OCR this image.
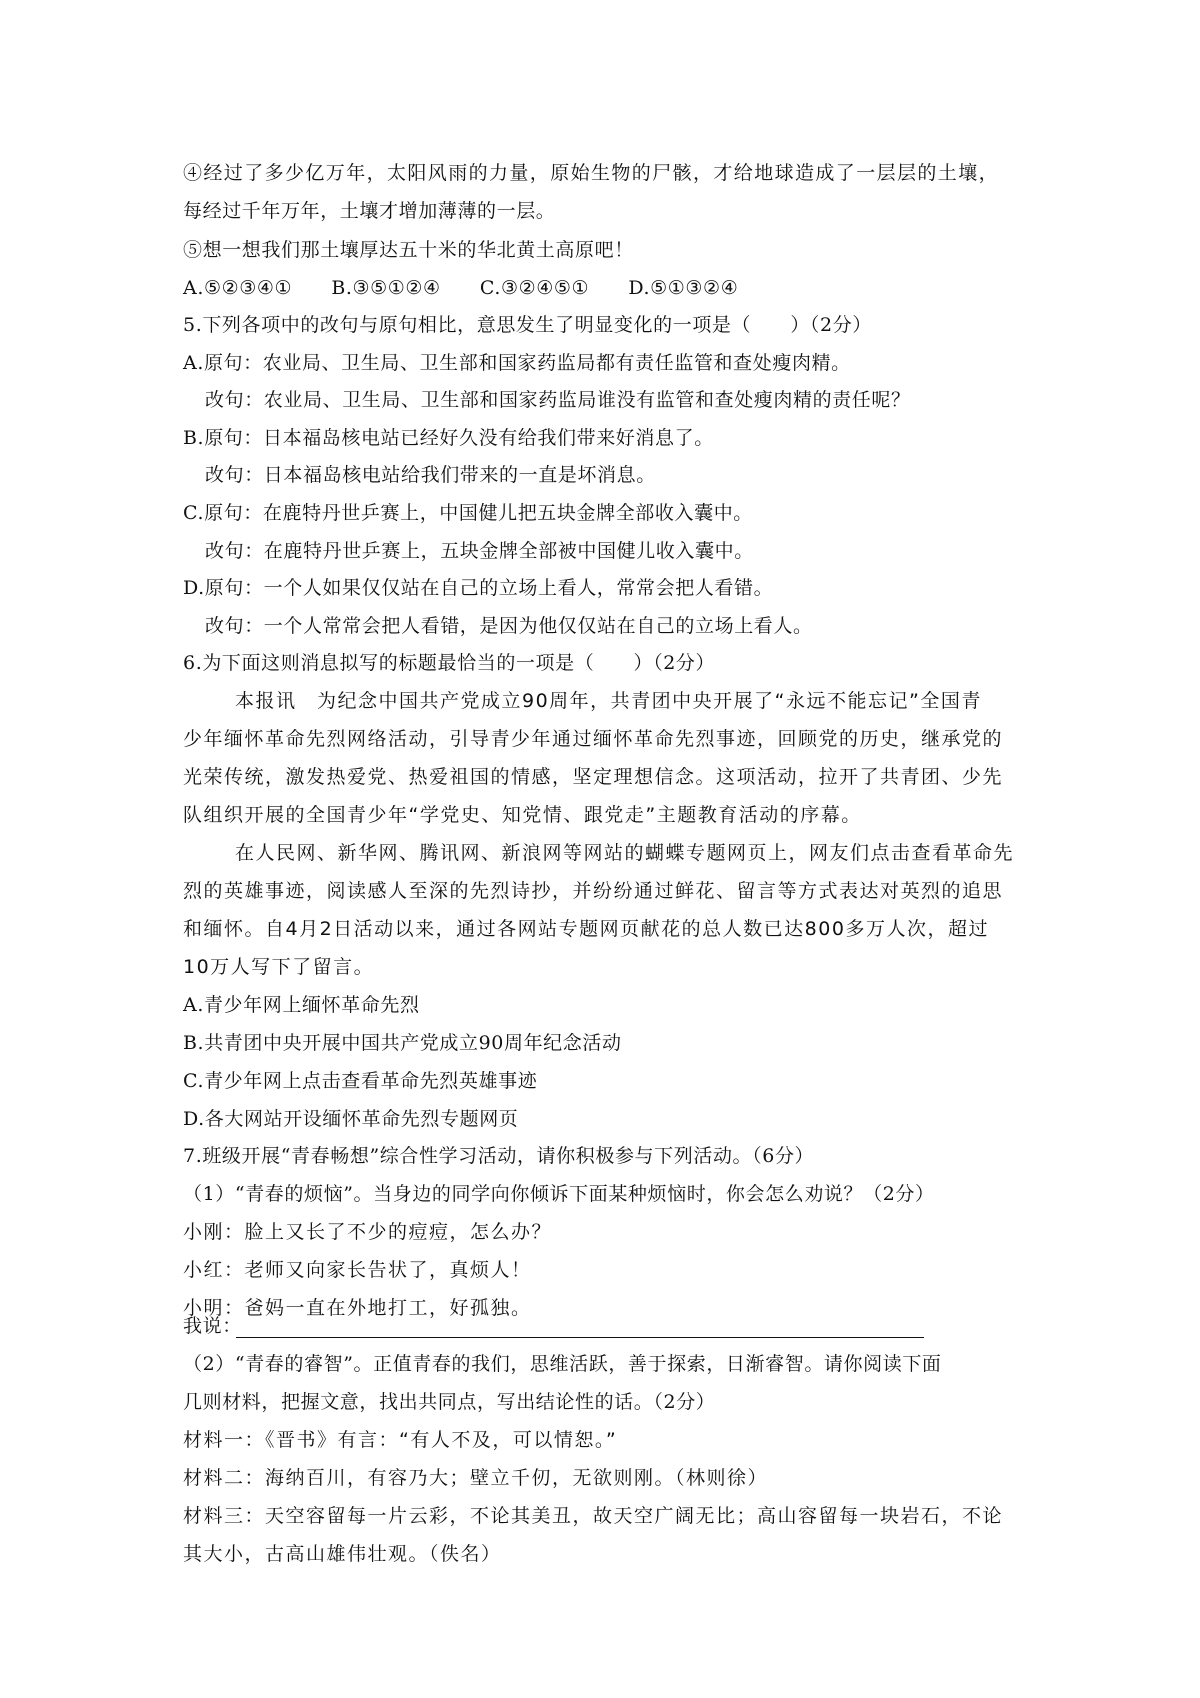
④经过了多少亿万年，太阳风雨的力量，原始生物的尸骸，才给地球造成了一层层的土壤，
每经过千年万年，土壤才增加薄薄的一层。
⑤想一想我们那土壤厚达五十米的华北黄土高原吧！
A.⑤②③④①　　B.③⑤①②④　　C.③②④⑤①　　D.⑤①③②④
5.下列各项中的改句与原句相比，意思发生了明显变化的一项是（　　）（2分）
A.原句：农业局、卫生局、卫生部和国家药监局都有责任监管和查处瘦肉精。
改句：农业局、卫生局、卫生部和国家药监局谁没有监管和查处瘦肉精的责任呢？
B.原句：日本福岛核电站已经好久没有给我们带来好消息了。
改句：日本福岛核电站给我们带来的一直是坏消息。
C.原句：在鹿特丹世乒赛上，中国健儿把五块金牌全部收入囊中。
改句：在鹿特丹世乒赛上，五块金牌全部被中国健儿收入囊中。
D.原句：一个人如果仅仅站在自己的立场上看人，常常会把人看错。
改句：一个人常常会把人看错，是因为他仅仅站在自己的立场上看人。
6.为下面这则消息拟写的标题最恰当的一项是（　　）（2分）
本报讯　为纪念中国共产党成立90周年，共青团中央开展了“永远不能忘记”全国青
少年缅怀革命先烈网络活动，引导青少年通过缅怀革命先烈事迹，回顾党的历史，继承党的
光荣传统，激发热爱党、热爱祖国的情感，坚定理想信念。这项活动，拉开了共青团、少先
队组织开展的全国青少年“学党史、知党情、跟党走”主题教育活动的序幕。
在人民网、新华网、腾讯网、新浪网等网站的蝴蝶专题网页上，网友们点击查看革命先
烈的英雄事迹，阅读感人至深的先烈诗抄，并纷纷通过鲜花、留言等方式表达对英烈的追思
和缅怀。自4月2日活动以来，通过各网站专题网页献花的总人数已达800多万人次，超过
10万人写下了留言。
A.青少年网上缅怀革命先烈
B.共青团中央开展中国共产党成立90周年纪念活动
C.青少年网上点击查看革命先烈英雄事迹
D.各大网站开设缅怀革命先烈专题网页
7.班级开展“青春畅想”综合性学习活动，请你积极参与下列活动。（6分）
（1）“青春的烦恼”。当身边的同学向你倾诉下面某种烦恼时，你会怎么劝说？（2分）
小刚：脸上又长了不少的痘痘，怎么办？
小红：老师又向家长告状了，真烦人！
小明：爸妈一直在外地打工，好孤独。
我说：
（2）“青春的睿智”。正值青春的我们，思维活跃，善于探索，日渐睿智。请你阅读下面
几则材料，把握文意，找出共同点，写出结论性的话。（2分）
材料一：《晋书》有言：“有人不及，可以情恕。”
材料二：海纳百川，有容乃大；壁立千仞，无欲则刚。（林则徐）
材料三：天空容留每一片云彩，不论其美丑，故天空广阔无比；高山容留每一块岩石，不论
其大小，古高山雄伟壮观。（佚名）
